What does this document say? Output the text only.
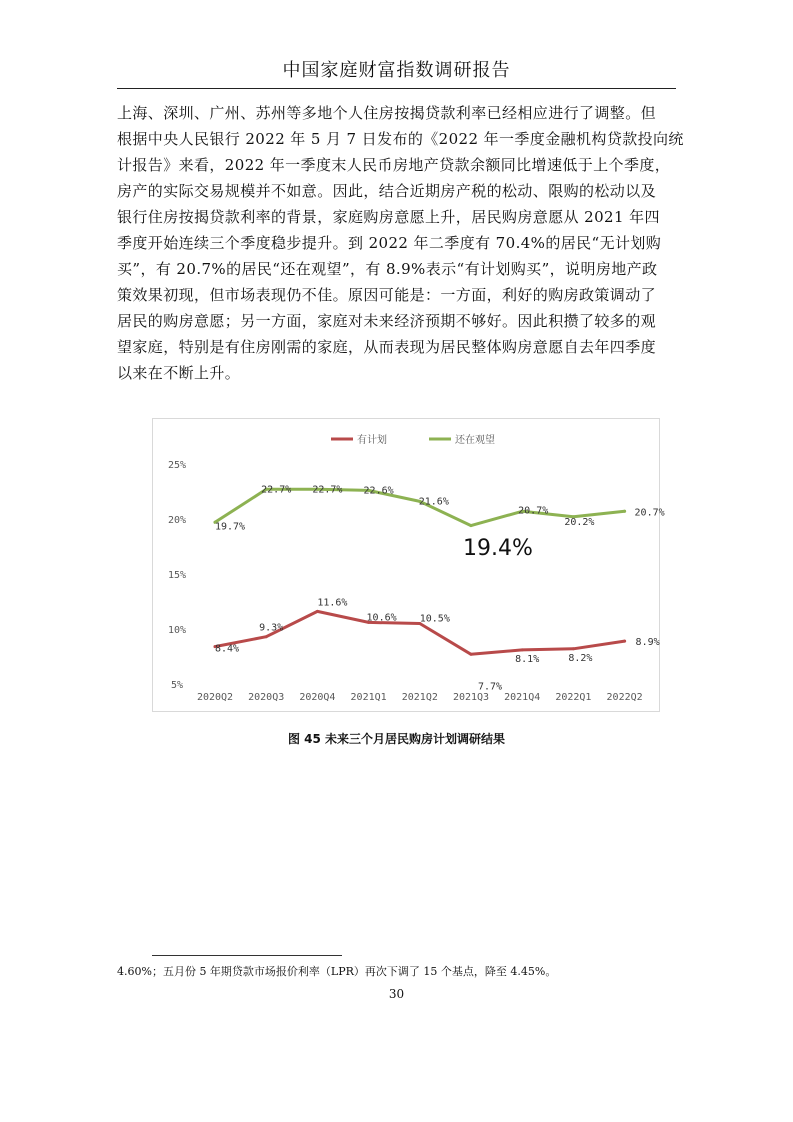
中国家庭财富指数调研报告
上海、深圳、广州、苏州等多地个人住房按揭贷款利率已经相应进行了调整。但
根据中央人民银行 2022 年 5 月 7 日发布的《2022 年一季度金融机构贷款投向统
计报告》来看，2022 年一季度末人民币房地产贷款余额同比增速低于上个季度，
房产的实际交易规模并不如意。因此，结合近期房产税的松动、限购的松动以及
银行住房按揭贷款利率的背景，家庭购房意愿上升，居民购房意愿从 2021 年四
季度开始连续三个季度稳步提升。到 2022 年二季度有 70.4%的居民“无计划购
买”，有 20.7%的居民“还在观望”，有 8.9%表示“有计划购买”，说明房地产政
策效果初现，但市场表现仍不佳。原因可能是：一方面，利好的购房政策调动了
居民的购房意愿；另一方面，家庭对未来经济预期不够好。因此积攒了较多的观
望家庭，特别是有住房刚需的家庭，从而表现为居民整体购房意愿自去年四季度
以来在不断上升。
5%
10%
15%
20%
25%
2020Q2 2020Q3 2020Q4 2021Q1 2021Q2 2021Q3 2021Q4 2022Q1 2022Q2
有计划	还在观望
8.4%
9.3%
11.6%
10.6% 10.5%
7.7%
8.1%	8.2%
8.9%
19.7%
22.7% 22.7% 22.6%
21.6%
20.7%
20.2%
20.7%
19.4%
图 45 未来三个月居民购房计划调研结果
4.60%；五月份 5 年期贷款市场报价利率（LPR）再次下调了 15 个基点，降至 4.45%。
30
